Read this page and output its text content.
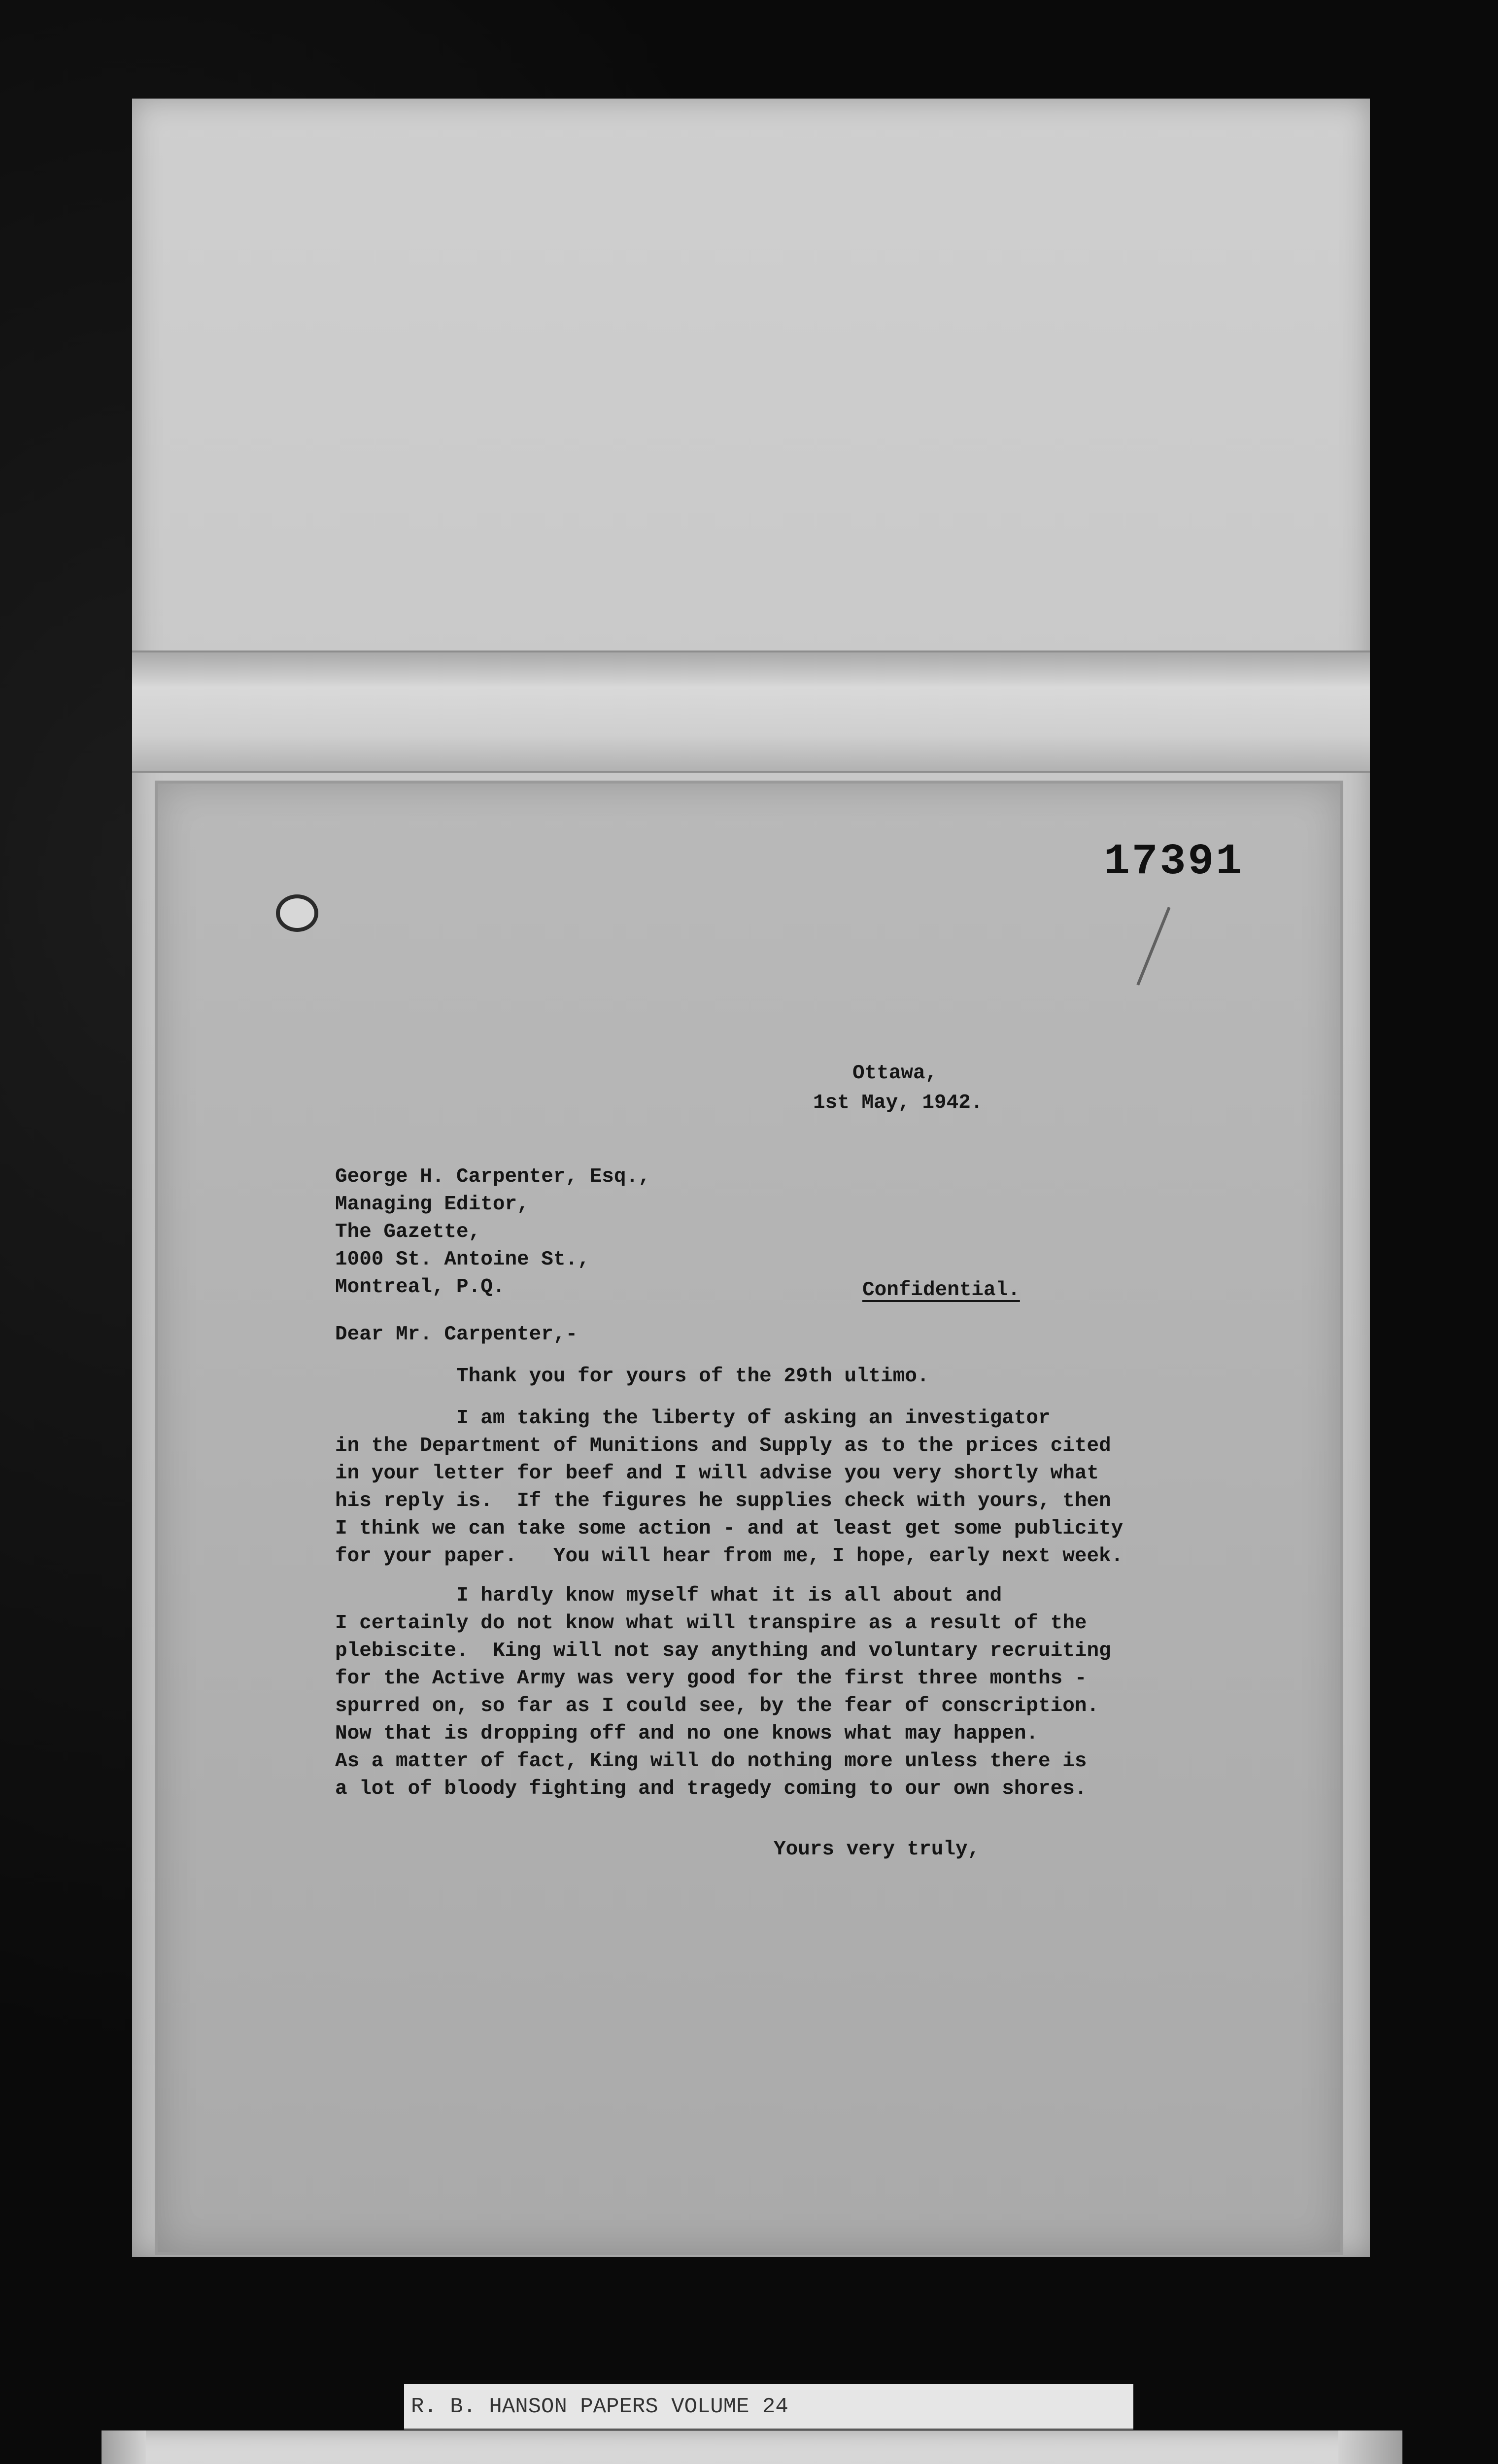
17391
Ottawa,
1st May, 1942.
George H. Carpenter, Esq.,
Managing Editor,
The Gazette,
1000 St. Antoine St.,
Montreal, P.Q.	Confidential.
Dear Mr. Carpenter,-
Thank you for yours of the 29th ultimo.
I am taking the liberty of asking an investigator
in the Department of Munitions and Supply as to the prices cited
in your letter for beef and I will advise you very shortly what
his reply is.  If the figures he supplies check with yours, then
I think we can take some action - and at least get some publicity
for your paper.   You will hear from me, I hope, early next week.
I hardly know myself what it is all about and
I certainly do not know what will transpire as a result of the
plebiscite.  King will not say anything and voluntary recruiting
for the Active Army was very good for the first three months -
spurred on, so far as I could see, by the fear of conscription.
Now that is dropping off and no one knows what may happen.
As a matter of fact, King will do nothing more unless there is
a lot of bloody fighting and tragedy coming to our own shores.
Yours very truly,
R. B. HANSON PAPERS VOLUME 24
